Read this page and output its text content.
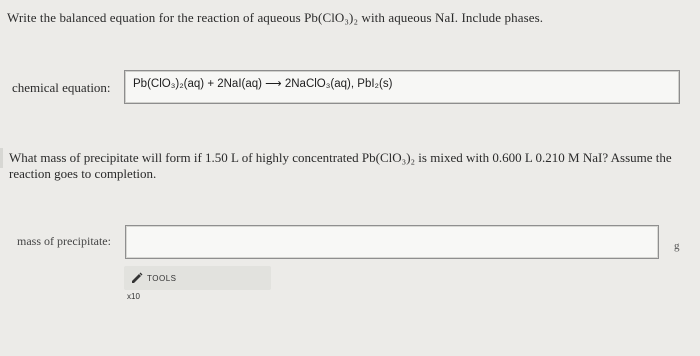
Write the balanced equation for the reaction of aqueous Pb(ClO₃)₂ with aqueous NaI. Include phases.
chemical equation: Pb(ClO₃)₂(aq) + 2NaI(aq) ⟶ 2NaClO₃(aq), PbI₂(s)
What mass of precipitate will form if 1.50 L of highly concentrated Pb(ClO₃)₂ is mixed with 0.600 L 0.210 M NaI? Assume the reaction goes to completion.
mass of precipitate:	g
TOOLS
x10
